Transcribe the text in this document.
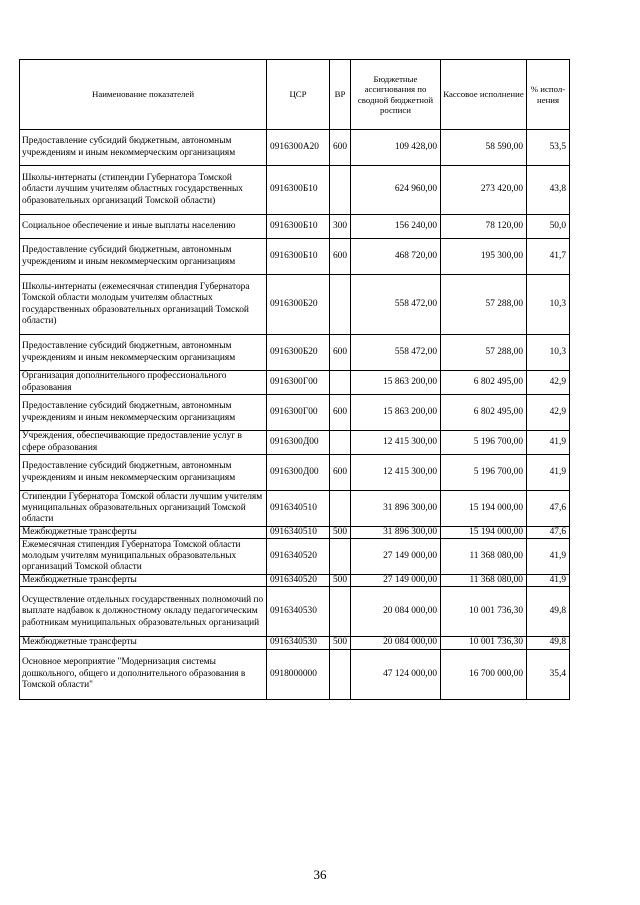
Наименование показателей	ЦСР	ВР	Бюджетные ассигнования по сводной бюджетной росписи	Кассовое исполнение	% испол-нения
Предоставление субсидий бюджетным, автономным учреждениям и иным некоммерческим организациям	0916300А20	600	109 428,00	58 590,00	53,5
Школы-интернаты (стипендии Губернатора Томской области лучшим учителям областных государственных образовательных организаций Томской области)	0916300Б10		624 960,00	273 420,00	43,8
Социальное обеспечение и иные выплаты населению	0916300Б10	300	156 240,00	78 120,00	50,0
Предоставление субсидий бюджетным, автономным учреждениям и иным некоммерческим организациям	0916300Б10	600	468 720,00	195 300,00	41,7
Школы-интернаты (ежемесячная стипендия Губернатора Томской области молодым учителям областных государственных образовательных организаций Томской области)	0916300Б20		558 472,00	57 288,00	10,3
Предоставление субсидий бюджетным, автономным учреждениям и иным некоммерческим организациям	0916300Б20	600	558 472,00	57 288,00	10,3
Организация дополнительного профессионального образования	0916300Г00		15 863 200,00	6 802 495,00	42,9
Предоставление субсидий бюджетным, автономным учреждениям и иным некоммерческим организациям	0916300Г00	600	15 863 200,00	6 802 495,00	42,9
Учреждения, обеспечивающие предоставление услуг в сфере образования	0916300Д00		12 415 300,00	5 196 700,00	41,9
Предоставление субсидий бюджетным, автономным учреждениям и иным некоммерческим организациям	0916300Д00	600	12 415 300,00	5 196 700,00	41,9
Стипендии Губернатора Томской области лучшим учителям муниципальных образовательных организаций Томской области	0916340510		31 896 300,00	15 194 000,00	47,6
Межбюджетные трансферты	0916340510	500	31 896 300,00	15 194 000,00	47,6
Ежемесячная стипендия Губернатора Томской области молодым учителям муниципальных образовательных организаций Томской области	0916340520		27 149 000,00	11 368 080,00	41,9
Межбюджетные трансферты	0916340520	500	27 149 000,00	11 368 080,00	41,9
Осуществление отдельных государственных полномочий по выплате надбавок к должностному окладу педагогическим работникам муниципальных образовательных организаций	0916340530		20 084 000,00	10 001 736,30	49,8
Межбюджетные трансферты	0916340530	500	20 084 000,00	10 001 736,30	49,8
Основное мероприятие "Модернизация системы дошкольного, общего и дополнительного образования в Томской области"	0918000000		47 124 000,00	16 700 000,00	35,4
36
